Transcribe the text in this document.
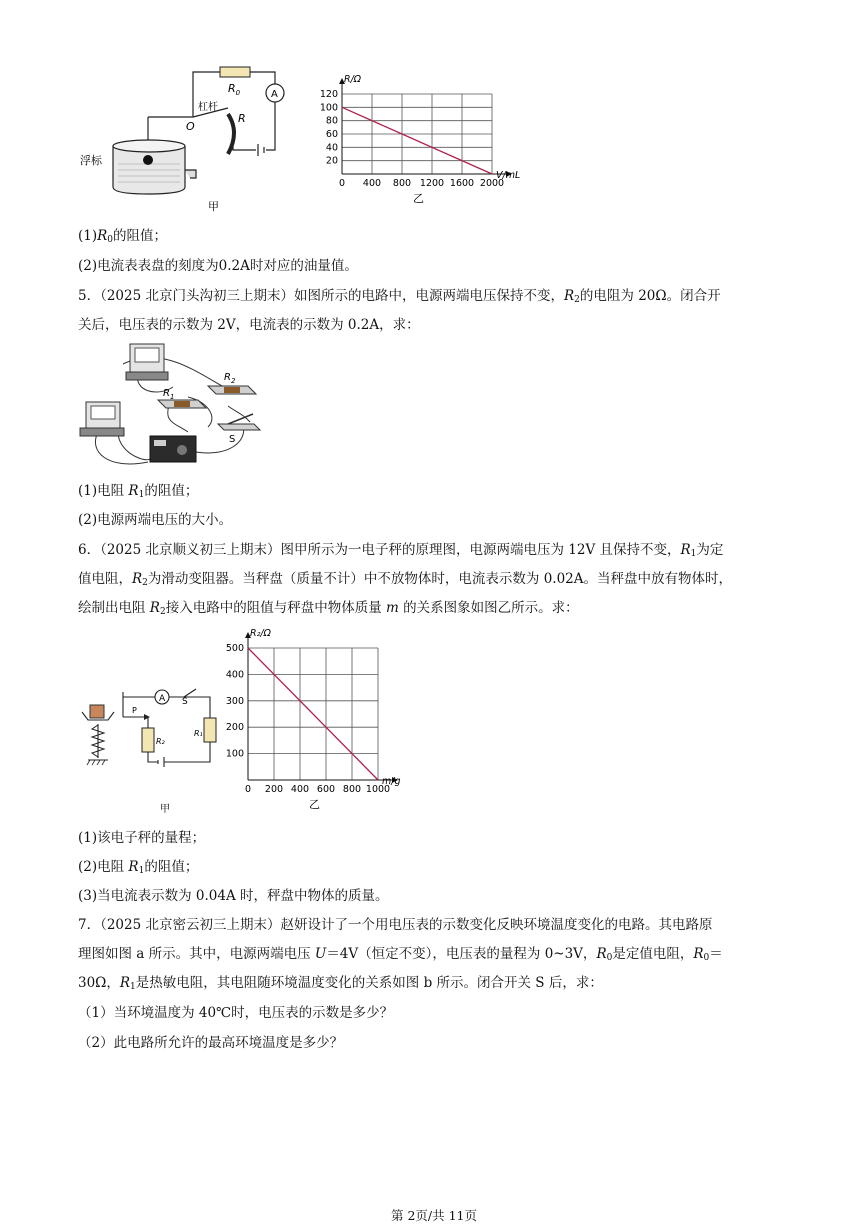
$R_0$	A
R
杠杆
O
浮标
甲
0 400 800 1200 1600 2000
20
40
60
80
100
120
R/Ω
V/mL
乙
$(1)R_0$的阻值；
(2)电流表表盘的刻度为0.2A时对应的油量值。
5．（2025 北京门头沟初三上期末）如图所示的电路中，电源两端电压保持不变，$R_2$的电阻为 20Ω。闭合开
关后，电压表的示数为 2V，电流表的示数为 0.2A，求：
$R_1$
$R_2$
S
(1)电阻 $R_1$的阻值；
(2)电源两端电压的大小。
6．（2025 北京顺义初三上期末）图甲所示为一电子秤的原理图，电源两端电压为 12V 且保持不变，$R_1$为定
值电阻，$R_2$为滑动变阻器。当秤盘（质量不计）中不放物体时，电流表示数为 0.02A。当秤盘中放有物体时，
绘制出电阻 $R_2$接入电路中的阻值与秤盘中物体质量 m 的关系图象如图乙所示。求：
A S
P
R₂
R₁
甲
0 200 400 600 800 1000
100
200
300
400
500
R₂/Ω
m/g
乙
(1)该电子秤的量程；
(2)电阻 $R_1$的阻值；
(3)当电流表示数为 0.04A 时，秤盘中物体的质量。
7．（2025 北京密云初三上期末）赵妍设计了一个用电压表的示数变化反映环境温度变化的电路。其电路原
理图如图 a 所示。其中，电源两端电压 U＝4V（恒定不变），电压表的量程为 0~3V，$R_0$是定值电阻，$R_0=$
30Ω，$R_1$是热敏电阻，其电阻随环境温度变化的关系如图 b 所示。闭合开关 S 后，求：
（1）当环境温度为 40℃时，电压表的示数是多少？
（2）此电路所允许的最高环境温度是多少？
第 2页/共 11页
